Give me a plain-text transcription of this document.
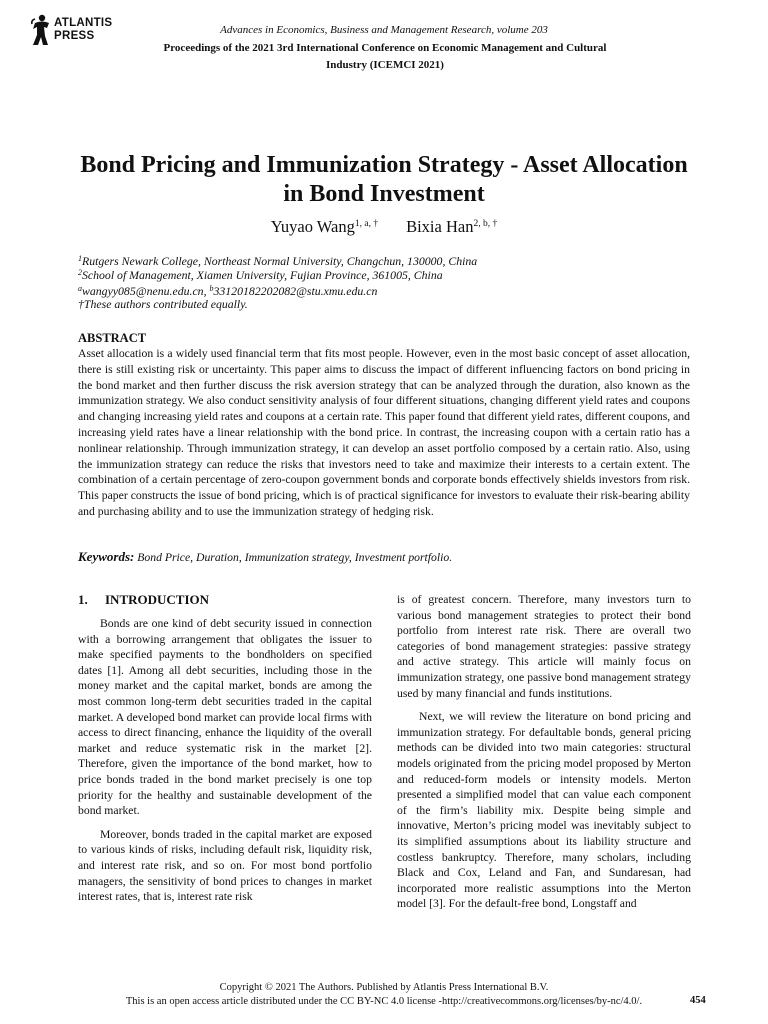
ATLANTIS
PRESS	Advances in Economics, Business and Management Research, volume 203
Proceedings of the 2021 3rd International Conference on Economic Management and Cultural Industry (ICEMCI 2021)
Bond Pricing and Immunization Strategy - Asset Allocation in Bond Investment
Yuyao Wang$^{1, a, \dagger}$ Bixia Han$^{2, b, \dagger}$
$^1$Rutgers Newark College, Northeast Normal University, Changchun, 130000, China
$^2$School of Management, Xiamen University, Fujian Province, 361005, China
$^a$wangyy085@nenu.edu.cn, $^b$33120182202082@stu.xmu.edu.cn
†These authors contributed equally.
ABSTRACT
Asset allocation is a widely used financial term that fits most people. However, even in the most basic concept of asset allocation, there is still existing risk or uncertainty. This paper aims to discuss the impact of different influencing factors on bond pricing in the bond market and then further discuss the risk aversion strategy that can be analyzed through the duration, also known as the immunization strategy. We also conduct sensitivity analysis of four different situations, changing different yield rates and coupons and changing increasing yield rates and coupons at a certain rate. This paper found that different yield rates, different coupons, and increasing yield rates have a linear relationship with the bond price. In contrast, the increasing coupon with a certain ratio has a nonlinear relationship. Through immunization strategy, it can develop an asset portfolio composed by a certain ratio. Also, using the immunization strategy can reduce the risks that investors need to take and maximize their interests to a certain extent. The combination of a certain percentage of zero-coupon government bonds and corporate bonds effectively shields investors from risk. This paper constructs the issue of bond pricing, which is of practical significance for investors to evaluate their risk-bearing ability and purchasing ability and to use the immunization strategy of hedging risk.
Keywords: Bond Price, Duration, Immunization strategy, Investment portfolio.
1. INTRODUCTION

Bonds are one kind of debt security issued in connection with a borrowing arrangement that obligates the issuer to make specified payments to the bondholders on specified dates [1]. Among all debt securities, including those in the money market and the capital market, bonds are among the most common long-term debt securities traded in the capital market. A developed bond market can provide local firms with access to direct financing, enhance the liquidity of the overall market and reduce systematic risk in the market [2]. Therefore, given the importance of the bond market, how to price bonds traded in the bond market precisely is one top priority for the healthy and sustainable development of the bond market.

Moreover, bonds traded in the capital market are exposed to various kinds of risks, including default risk, liquidity risk, and interest rate risk, and so on. For most bond portfolio managers, the sensitivity of bond prices to changes in market interest rates, that is, interest rate risk

is of greatest concern. Therefore, many investors turn to various bond management strategies to protect their bond portfolio from interest rate risk. There are overall two categories of bond management strategies: passive strategy and active strategy. This article will mainly focus on immunization strategy, one passive bond management strategy used by many financial and funds institutions.

Next, we will review the literature on bond pricing and immunization strategy. For defaultable bonds, general pricing methods can be divided into two main categories: structural models originated from the pricing model proposed by Merton and reduced-form models or intensity models. Merton presented a simplified model that can value each component of the firm’s liability mix. Despite being simple and innovative, Merton’s pricing model was inevitably subject to its simplified assumptions about its liability structure and costless bankruptcy. Therefore, many scholars, including Black and Cox, Leland and Fan, and Sundaresan, had incorporated more realistic assumptions into the Merton model [3]. For the default-free bond, Longstaff and

Copyright © 2021 The Authors. Published by Atlantis Press International B.V.
This is an open access article distributed under the CC BY-NC 4.0 license -http://creativecommons.org/licenses/by-nc/4.0/.	454
